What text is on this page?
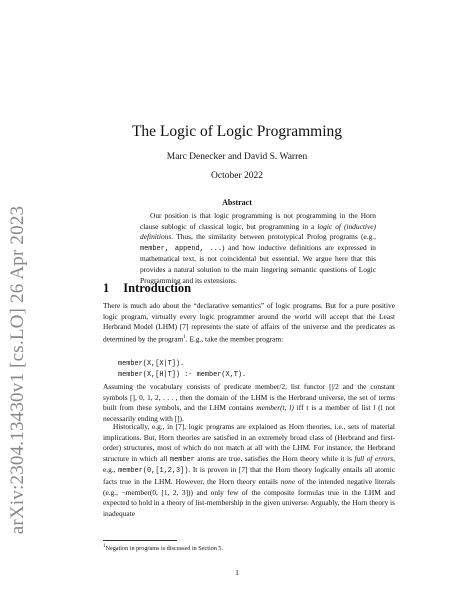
arXiv:2304.13430v1 [cs.LO] 26 Apr 2023
The Logic of Logic Programming
Marc Denecker and David S. Warren
October 2022
Abstract
Our position is that logic programming is not programming in the Horn clause sublogic of classical logic, but programming in a logic of (inductive) definitions. Thus, the similarity between prototypical Prolog programs (e.g., member, append, ...) and how inductive definitions are expressed in mathematical text, is not coincidental but essential. We argue here that this provides a natural solution to the main lingering semantic questions of Logic Programming and its extensions.
1 Introduction
There is much ado about the “declarative semantics” of logic programs. But for a pure positive logic program, virtually every logic programmer around the world will accept that the Least Herbrand Model (LHM) [7] represents the state of affairs of the universe and the predicates as determined by the program$^1$. E.g., take the member program:
member(X,[X|T]).
member(X,[H|T]) :- member(X,T).
Assuming the vocabulary consists of predicate member/2, list functor [|/2 and the constant symbols [], 0, 1, 2, . . . , then the domain of the LHM is the Herbrand universe, the set of terms built from these symbols, and the LHM contains member(t, l) iff t is a member of list l (l not necessarily ending with []).
Historically, e.g., in [7], logic programs are explained as Horn theories, i.e., sets of material implications. But, Horn theories are satisfied in an extremely broad class of (Herbrand and first-order) structures, most of which do not match at all with the LHM. For instance, the Herbrand structure in which all member atoms are true, satisfies the Horn theory while it is full of errors, e.g., member(0,[1,2,3]). It is proven in [7] that the Horn theory logically entails all atomic facts true in the LHM. However, the Horn theory entails none of the intended negative literals (e.g., ¬member(0, [1, 2, 3])) and only few of the composite formulas true in the LHM and expected to hold in a theory of list-membership in the given universe. Arguably, the Horn theory is inadequate
$^1$Negation in programs is discussed in Section 5.
1
